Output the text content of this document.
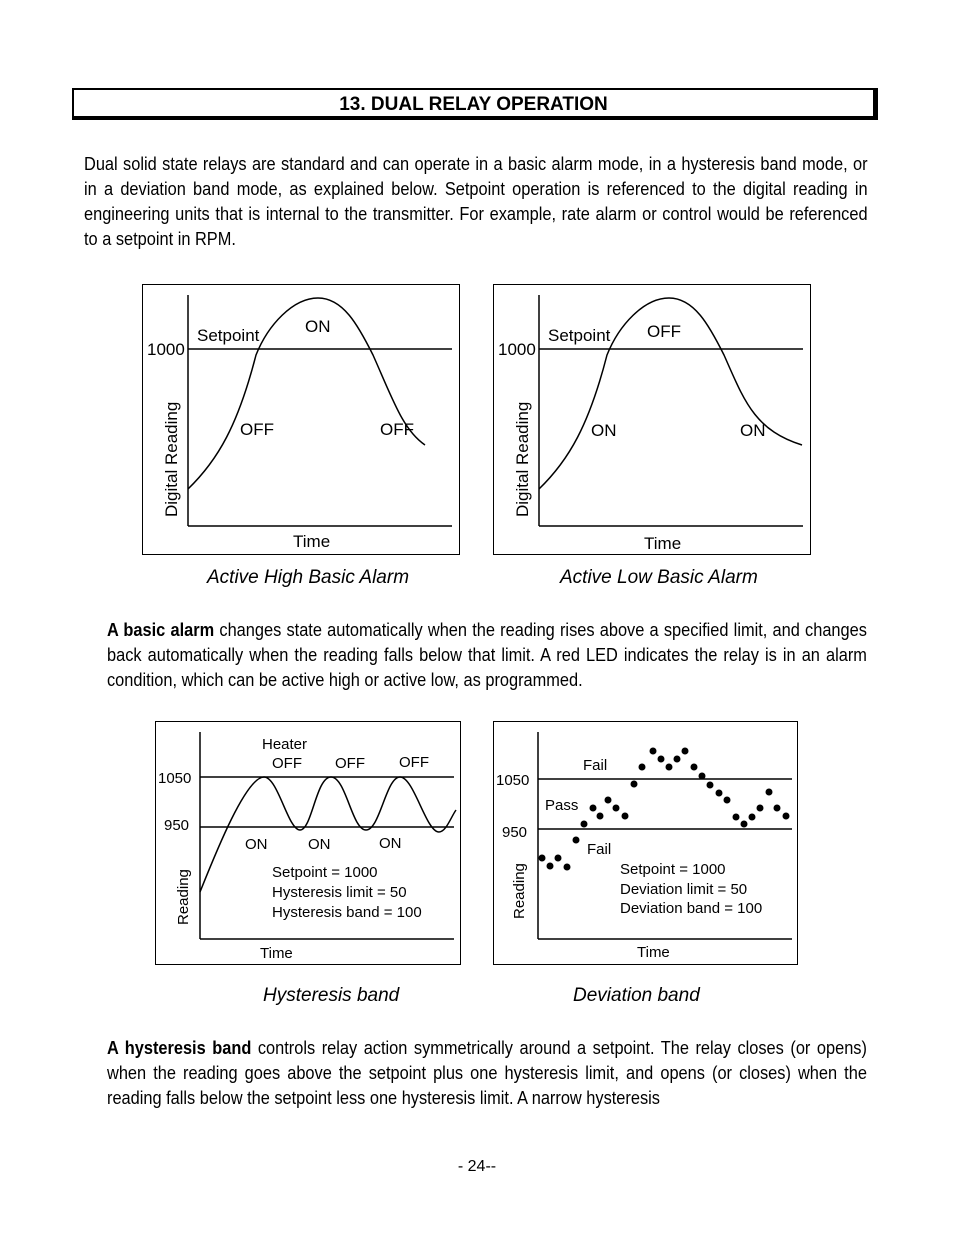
13. DUAL RELAY OPERATION

Dual solid state relays are standard and can operate in a basic alarm mode, in a hysteresis band mode, or in a deviation band mode, as explained below. Setpoint operation is referenced to the digital reading in engineering units that is internal to the transmitter. For example, rate alarm or control would be referenced to a setpoint in RPM.

1000
Setpoint	ON
OFF	OFF
Time
Digital Reading
1000
Setpoint OFF
ON	ON
Time
Digital Reading
Active High Basic Alarm	Active Low Basic Alarm

A basic alarm changes state automatically when the reading rises above a specified limit, and changes back automatically when the reading falls below that limit. A red LED indicates the relay is in an alarm condition, which can be active high or active low, as programmed.

1050
950
Heater
OFF OFF OFF
ON	ON	ON
Setpoint = 1000
Hysteresis limit = 50
Hysteresis band = 100
Time
Reading
1050
950
Fail
Pass
Fail
Setpoint = 1000
Deviation limit = 50
Deviation band = 100
Time
Reading
Hysteresis band	Deviation band

A hysteresis band controls relay action symmetrically around a setpoint. The relay closes (or opens) when the reading goes above the setpoint plus one hysteresis limit, and opens (or closes) when the reading falls below the setpoint less one hysteresis limit. A narrow hysteresis

- 24--
